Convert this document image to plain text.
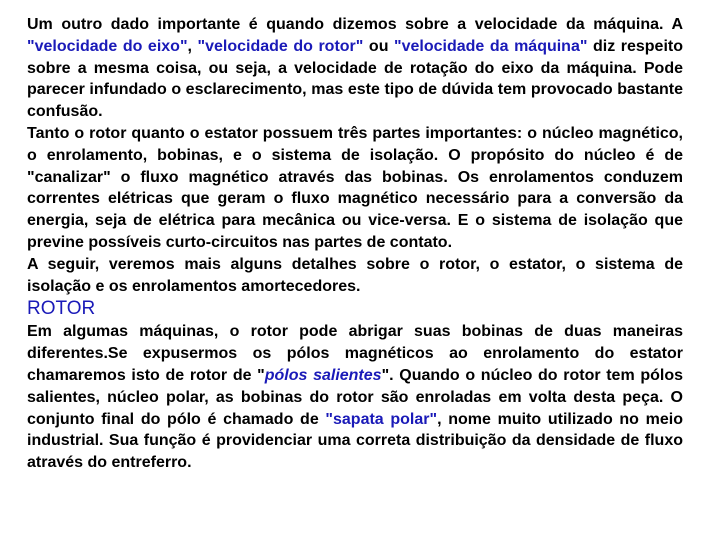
Um outro dado importante é quando dizemos sobre a velocidade da máquina. A "velocidade do eixo", "velocidade do rotor" ou "velocidade da máquina" diz respeito sobre a mesma coisa, ou seja, a velocidade de rotação do eixo da máquina. Pode parecer infundado o esclarecimento, mas este tipo de dúvida tem provocado bastante confusão.

Tanto o rotor quanto o estator possuem três partes importantes: o núcleo magnético, o enrolamento, bobinas, e o sistema de isolação. O propósito do núcleo é de "canalizar" o fluxo magnético através das bobinas. Os enrolamentos conduzem correntes elétricas que geram o fluxo magnético necessário para a conversão da energia, seja de elétrica para mecânica ou vice-versa. E o sistema de isolação que previne possíveis curto-circuitos nas partes de contato.

A seguir, veremos mais alguns detalhes sobre o rotor, o estator, o sistema de isolação e os enrolamentos amortecedores.

ROTOR

Em algumas máquinas, o rotor pode abrigar suas bobinas de duas maneiras diferentes.Se expusermos os pólos magnéticos ao enrolamento do estator chamaremos isto de rotor de "pólos salientes". Quando o núcleo do rotor tem pólos salientes, núcleo polar, as bobinas do rotor são enroladas em volta desta peça. O conjunto final do pólo é chamado de "sapata polar", nome muito utilizado no meio industrial. Sua função é providenciar uma correta distribuição da densidade de fluxo através do entreferro.
